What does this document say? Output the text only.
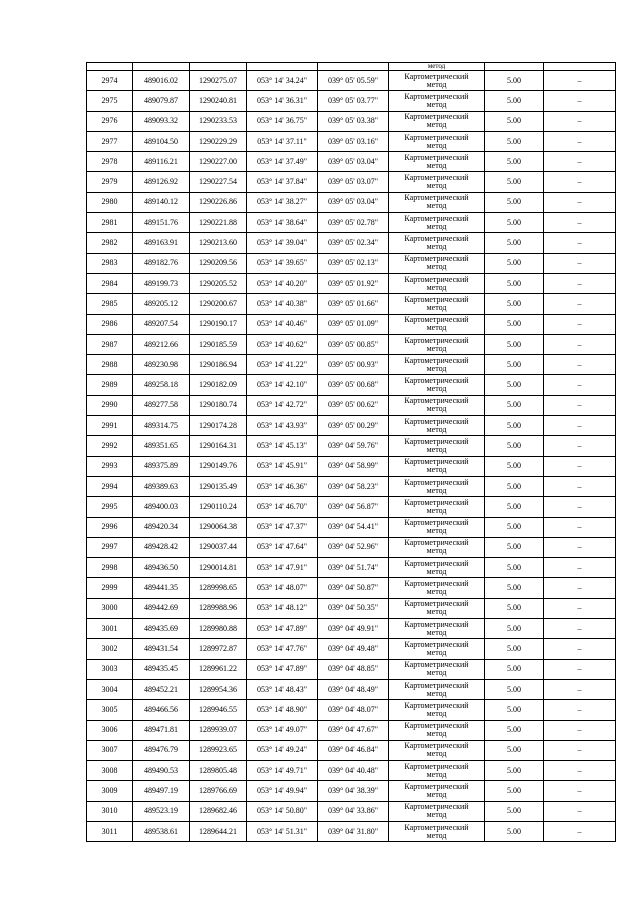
					метод		
2974	489016.02	1290275.07	053° 14' 34.24"	039° 05' 05.59"	Картометрический
метод	5.00	–
2975	489079.87	1290240.81	053° 14' 36.31"	039° 05' 03.77"	Картометрический
метод	5.00	–
2976	489093.32	1290233.53	053° 14' 36.75"	039° 05' 03.38"	Картометрический
метод	5.00	–
2977	489104.50	1290229.29	053° 14' 37.11"	039° 05' 03.16"	Картометрический
метод	5.00	–
2978	489116.21	1290227.00	053° 14' 37.49"	039° 05' 03.04"	Картометрический
метод	5.00	–
2979	489126.92	1290227.54	053° 14' 37.84"	039° 05' 03.07"	Картометрический
метод	5.00	–
2980	489140.12	1290226.86	053° 14' 38.27"	039° 05' 03.04"	Картометрический
метод	5.00	–
2981	489151.76	1290221.88	053° 14' 38.64"	039° 05' 02.78"	Картометрический
метод	5.00	–
2982	489163.91	1290213.60	053° 14' 39.04"	039° 05' 02.34"	Картометрический
метод	5.00	–
2983	489182.76	1290209.56	053° 14' 39.65"	039° 05' 02.13"	Картометрический
метод	5.00	–
2984	489199.73	1290205.52	053° 14' 40.20"	039° 05' 01.92"	Картометрический
метод	5.00	–
2985	489205.12	1290200.67	053° 14' 40.38"	039° 05' 01.66"	Картометрический
метод	5.00	–
2986	489207.54	1290190.17	053° 14' 40.46"	039° 05' 01.09"	Картометрический
метод	5.00	–
2987	489212.66	1290185.59	053° 14' 40.62"	039° 05' 00.85"	Картометрический
метод	5.00	–
2988	489230.98	1290186.94	053° 14' 41.22"	039° 05' 00.93"	Картометрический
метод	5.00	–
2989	489258.18	1290182.09	053° 14' 42.10"	039° 05' 00.68"	Картометрический
метод	5.00	–
2990	489277.58	1290180.74	053° 14' 42.72"	039° 05' 00.62"	Картометрический
метод	5.00	–
2991	489314.75	1290174.28	053° 14' 43.93"	039° 05' 00.29"	Картометрический
метод	5.00	–
2992	489351.65	1290164.31	053° 14' 45.13"	039° 04' 59.76"	Картометрический
метод	5.00	–
2993	489375.89	1290149.76	053° 14' 45.91"	039° 04' 58.99"	Картометрический
метод	5.00	–
2994	489389.63	1290135.49	053° 14' 46.36"	039° 04' 58.23"	Картометрический
метод	5.00	–
2995	489400.03	1290110.24	053° 14' 46.70"	039° 04' 56.87"	Картометрический
метод	5.00	–
2996	489420.34	1290064.38	053° 14' 47.37"	039° 04' 54.41"	Картометрический
метод	5.00	–
2997	489428.42	1290037.44	053° 14' 47.64"	039° 04' 52.96"	Картометрический
метод	5.00	–
2998	489436.50	1290014.81	053° 14' 47.91"	039° 04' 51.74"	Картометрический
метод	5.00	–
2999	489441.35	1289998.65	053° 14' 48.07"	039° 04' 50.87"	Картометрический
метод	5.00	–
3000	489442.69	1289988.96	053° 14' 48.12"	039° 04' 50.35"	Картометрический
метод	5.00	–
3001	489435.69	1289980.88	053° 14' 47.89"	039° 04' 49.91"	Картометрический
метод	5.00	–
3002	489431.54	1289972.87	053° 14' 47.76"	039° 04' 49.48"	Картометрический
метод	5.00	–
3003	489435.45	1289961.22	053° 14' 47.89"	039° 04' 48.85"	Картометрический
метод	5.00	–
3004	489452.21	1289954.36	053° 14' 48.43"	039° 04' 48.49"	Картометрический
метод	5.00	–
3005	489466.56	1289946.55	053° 14' 48.90"	039° 04' 48.07"	Картометрический
метод	5.00	–
3006	489471.81	1289939.07	053° 14' 49.07"	039° 04' 47.67"	Картометрический
метод	5.00	–
3007	489476.79	1289923.65	053° 14' 49.24"	039° 04' 46.84"	Картометрический
метод	5.00	–
3008	489490.53	1289805.48	053° 14' 49.71"	039° 04' 40.48"	Картометрический
метод	5.00	–
3009	489497.19	1289766.69	053° 14' 49.94"	039° 04' 38.39"	Картометрический
метод	5.00	–
3010	489523.19	1289682.46	053° 14' 50.80"	039° 04' 33.86"	Картометрический
метод	5.00	–
3011	489538.61	1289644.21	053° 14' 51.31"	039° 04' 31.80"	Картометрический
метод	5.00	–
